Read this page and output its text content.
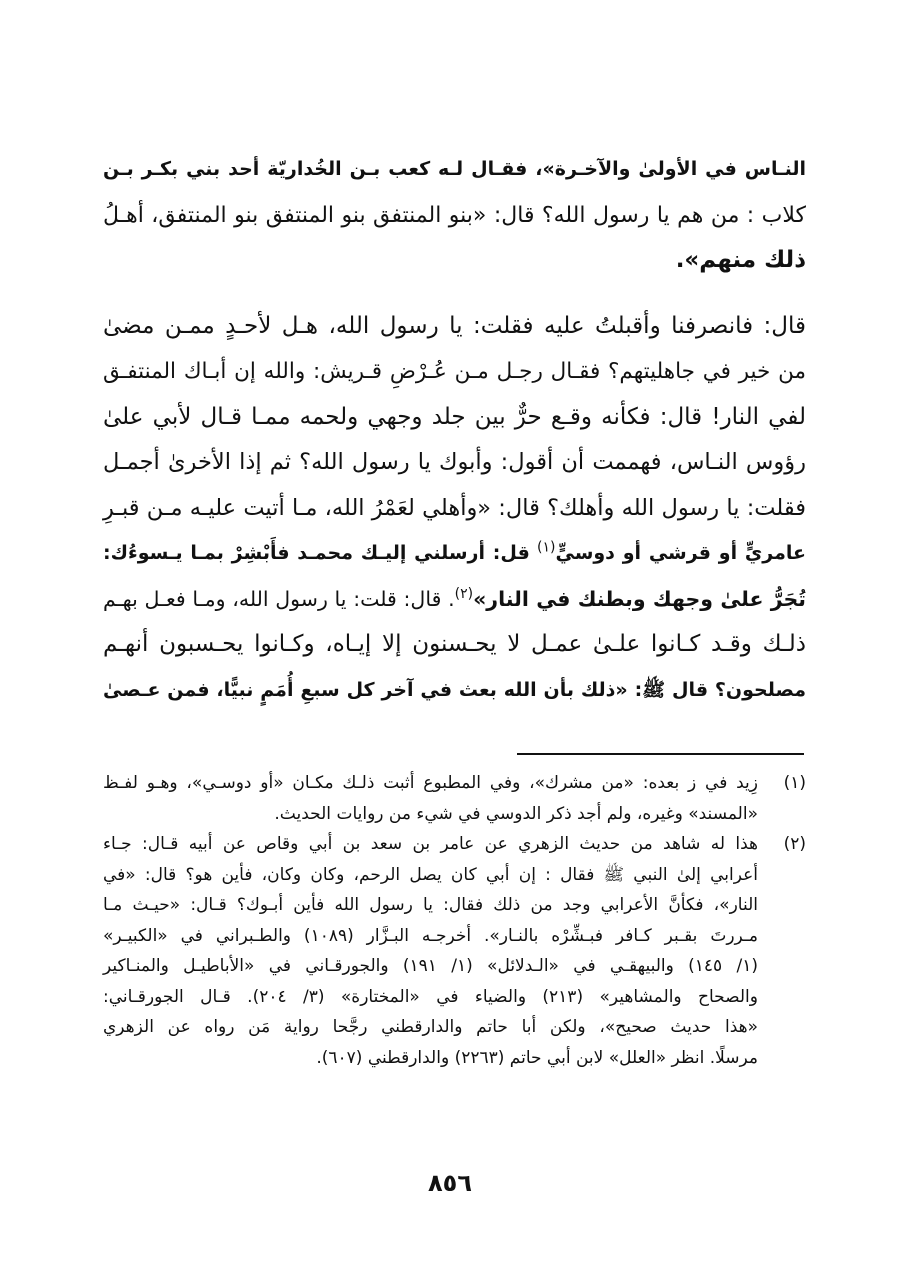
النـاس في الأولىٰ والآخـرة»، فقـال لـه كعب بـن الخُداريّة أحد بني بكـر بـن
كلاب : من هم يا رسول الله؟ قال: «بنو المنتفق بنو المنتفق بنو المنتفق، أهـلُ
ذلك منهم».

قال: فانصرفنا وأقبلتُ عليه فقلت: يا رسول الله، هـل لأحـدٍ ممـن مضىٰ
من خير في جاهليتهم؟ فقـال رجـل مـن عُـرْضِ قـريش: والله إن أبـاك المنتفـق
لفي النار! قال: فكأنه وقـع حرٌّ بين جلد وجهي ولحمه ممـا قـال لأبي علىٰ
رؤوس النـاس، فهممت أن أقول: وأبوك يا رسول الله؟ ثم إذا الأخرىٰ أجمـل
فقلت: يا رسول الله وأهلك؟ قال: «وأهلي لعَمْرُ الله، مـا أتيت عليـه مـن قبـرِ
عامريٍّ أو قرشي أو دوسيٍّ$^{(١)}$ قل: أرسلني إليـك محمـد فأَبْشِرْ بمـا يـسوءُك:
تُجَرُّ علىٰ وجهك وبطنك في النار»$^{(٢)}$. قال: قلت: يا رسول الله، ومـا فعـل بهـم
ذلـك وقـد كـانوا علـىٰ عمـل لا يحـسنون إلا إيـاه، وكـانوا يحـسبون أنهـم
مصلحون؟ قال ﷺ: «ذلك بأن الله بعث في آخر كل سبعِ أُمَمٍ نبيًّا، فمن عـصىٰ

(١)
زِيد في ز بعده: «من مشرك»، وفي المطبوع أثبت ذلـك مكـان «أو دوسـي»، وهـو لفـظ
«المسند» وغيره، ولم أجد ذكر الدوسي في شيء من روايات الحديث.
(٢)
هذا له شاهد من حديث الزهري عن عامر بن سعد بن أبي وقاص عن أبيه قـال: جـاء
أعرابي إلىٰ النبي ﷺ فقال : إن أبي كان يصل الرحم، وكان وكان، فأين هو؟ قال: «في
النار»، فكأنَّ الأعرابي وجد من ذلك فقال: يا رسول الله فأين أبـوك؟ قـال: «حيـث مـا
مـررتَ بقـبر كـافر فبـشِّرْه بالنـار». أخرجـه البـزَّار (١٠٨٩) والطـبراني في «الكبيـر»
(١/ ١٤٥) والبيهقـي في «الـدلائل» (١/ ١٩١) والجورقـاني في «الأباطيـل والمنـاكير
والصحاح والمشاهير» (٢١٣) والضياء في «المختارة» (٣/ ٢٠٤). قـال الجورقـاني:
«هذا حديث صحيح»، ولكن أبا حاتم والدارقطني رجَّحا رواية مَن رواه عن الزهري
مرسلًا. انظر «العلل» لابن أبي حاتم (٢٢٦٣) والدارقطني (٦٠٧).
٨٥٦
